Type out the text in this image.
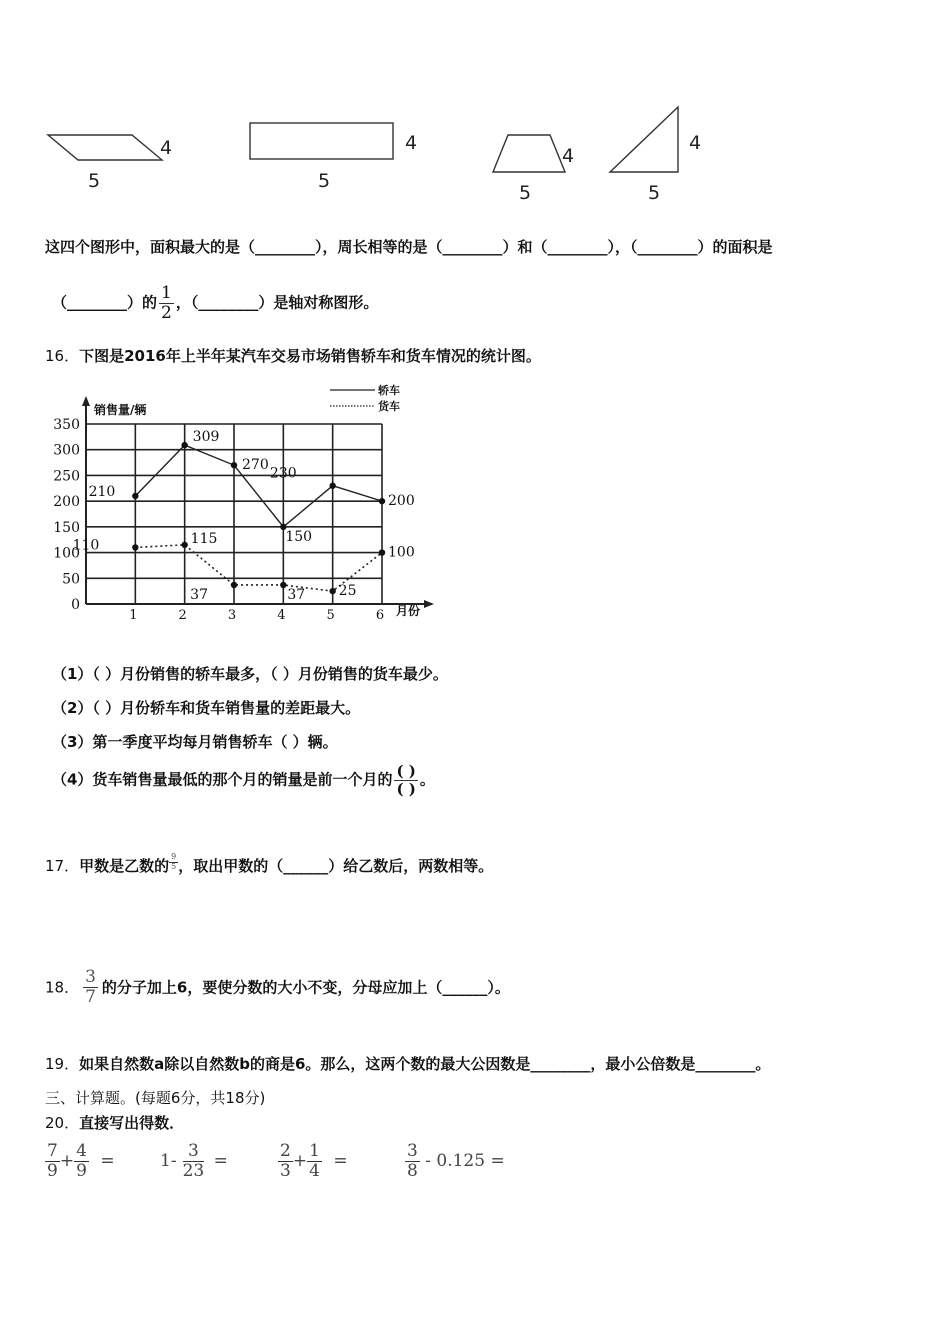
4
5
4
5
4
5
4
5
这四个图形中，面积最大的是（________），周长相等的是（________）和（________），（________）的面积是
（________）的 $\frac{1}{2}$ ，（________）是轴对称图形。
16．下图是2016年上半年某汽车交易市场销售轿车和货车情况的统计图。
0
50
100
150
200
250
300
350
1	2	3	4	5	6
销售量/辆
月份
轿车
货车
210
309
270
150
230
200
110	115
37	37 25
100
（1）（ ）月份销售的轿车最多，（ ）月份销售的货车最少。
（2）（ ）月份轿车和货车销售量的差距最大。
（3）第一季度平均每月销售轿车（ ）辆。
（4）货车销售量最低的那个月的销量是前一个月的 $\frac{( )}{( )}$ 。
17．甲数是乙数的 $\frac{9}{5}$ ，取出甲数的（______）给乙数后，两数相等。
18． $\frac{3}{7}$ 的分子加上6，要使分数的大小不变，分母应加上（______）。
19．如果自然数a除以自然数b的商是6。那么，这两个数的最大公因数是________，最小公倍数是________。
三、计算题。(每题6分，共18分)
20．直接写出得数．
$\frac{7}{9} + \frac{4}{9}$ =	$1- \frac{3}{23}$ =	$\frac{2}{3} + \frac{1}{4}$ =	$\frac{3}{8} - 0.125$ =
